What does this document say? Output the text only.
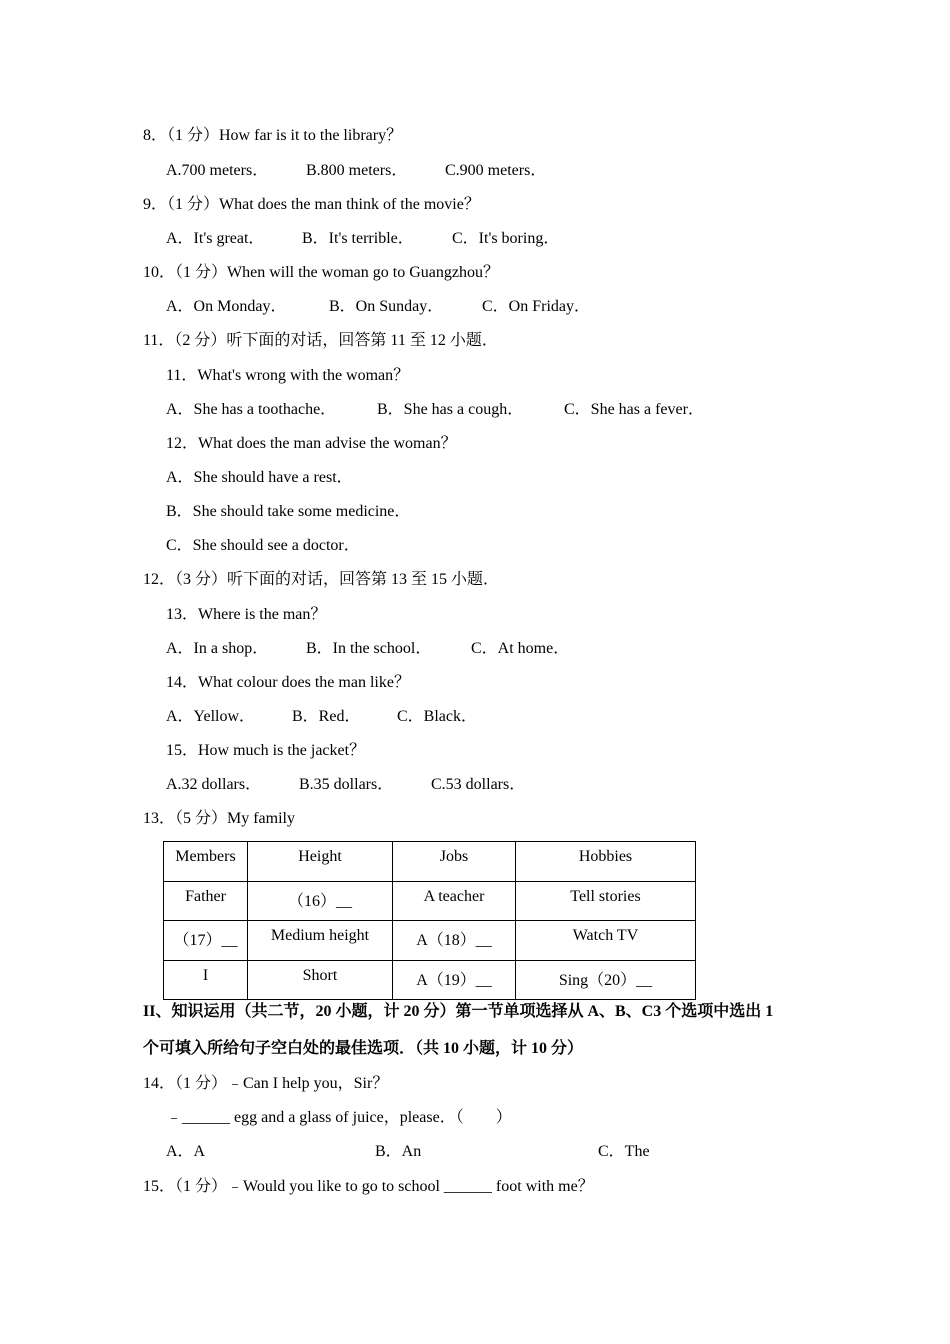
8．（1 分）How far is it to the library？
A.700 meters． B.800 meters． C.900 meters．
9．（1 分）What does the man think of the movie？
A．It's great． B．It's terrible． C．It's boring．
10．（1 分）When will the woman go to Guangzhou？
A．On Monday．	B．On Sunday． C．On Friday．
11．（2 分）听下面的对话，回答第 11 至 12 小题．
11．What's wrong with the woman？
A．She has a toothache．	B．She has a cough．	C．She has a fever．
12．What does the man advise the woman？
A．She should have a rest．
B．She should take some medicine．
C．She should see a doctor．
12．（3 分）听下面的对话，回答第 13 至 15 小题．
13．Where is the man？
A．In a shop． B．In the school． C．At home．
14．What colour does the man like？
A．Yellow． B．Red． C．Black．
15．How much is the jacket？
A.32 dollars． B.35 dollars． C.53 dollars．
13．（5 分）My family
Members	Height	Jobs	Hobbies
Father	（16）__	A teacher	Tell stories
（17）__	Medium height	A（18）__	Watch TV
I	Short	A（19）__	Sing（20）__
II、知识运用（共二节，20 小题，计 20 分）第一节单项选择从 A、B、C3 个选项中选出 1
个可填入所给句子空白处的最佳选项．（共 10 小题，计 10 分）
14．（1 分）﹣Can I help you，Sir？
﹣______ egg and a glass of juice，please．（　　）
A．A	B．An	C．The
15．（1 分）﹣Would you like to go to school ______ foot with me？
